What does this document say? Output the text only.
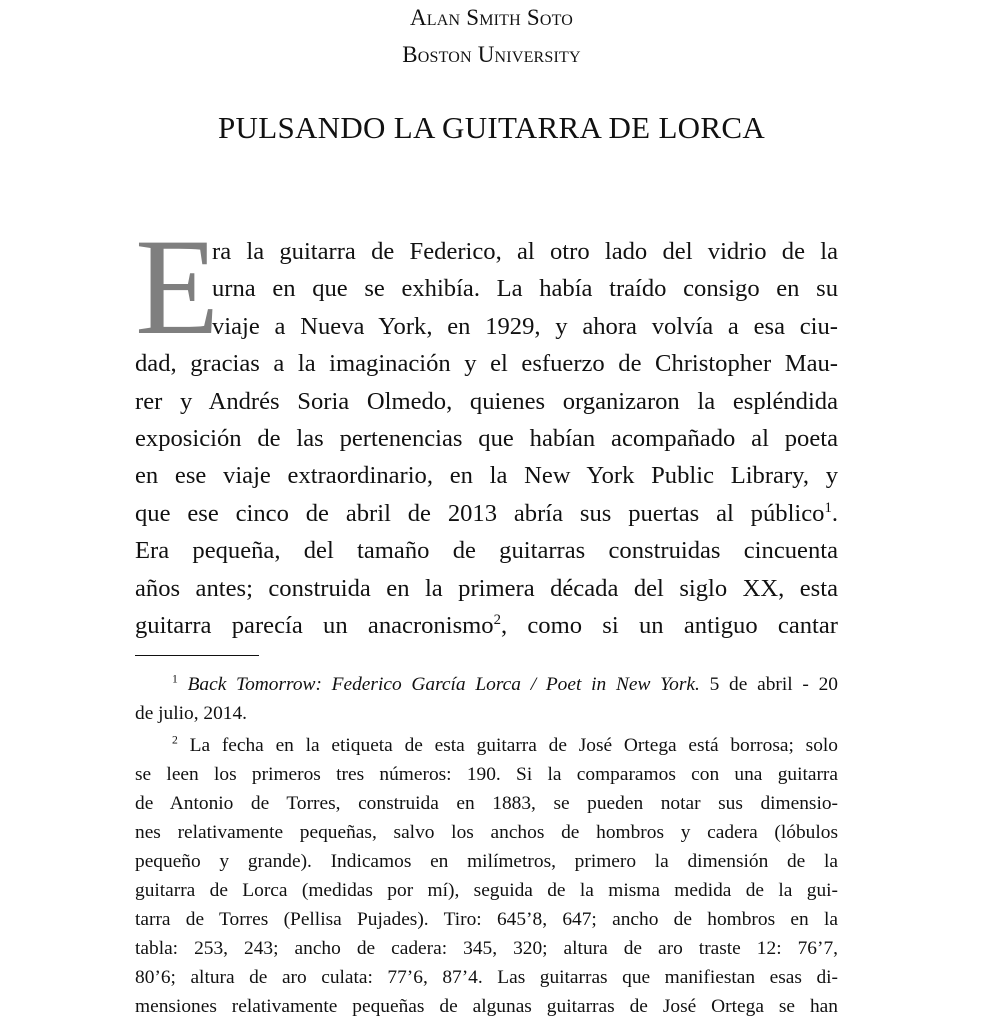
Alan Smith Soto
Boston University
PULSANDO LA GUITARRA DE LORCA
E
ra la guitarra de Federico, al otro lado del vidrio de la
urna en que se exhibía. La había traído consigo en su
viaje a Nueva York, en 1929, y ahora volvía a esa ciu-
dad, gracias a la imaginación y el esfuerzo de Christopher Mau-
rer y Andrés Soria Olmedo, quienes organizaron la espléndida
exposición de las pertenencias que habían acompañado al poeta
en ese viaje extraordinario, en la New York Public Library, y
que ese cinco de abril de 2013 abría sus puertas al público$^1$.
Era pequeña, del tamaño de guitarras construidas cincuenta
años antes; construida en la primera década del siglo XX, esta
guitarra parecía un anacronismo$^2$, como si un antiguo cantar
$^1$ Back Tomorrow: Federico García Lorca / Poet in New York. 5 de abril - 20
de julio, 2014.
$^2$ La fecha en la etiqueta de esta guitarra de José Ortega está borrosa; solo
se leen los primeros tres números: 190. Si la comparamos con una guitarra
de Antonio de Torres, construida en 1883, se pueden notar sus dimensio-
nes relativamente pequeñas, salvo los anchos de hombros y cadera (lóbulos
pequeño y grande). Indicamos en milímetros, primero la dimensión de la
guitarra de Lorca (medidas por mí), seguida de la misma medida de la gui-
tarra de Torres (Pellisa Pujades). Tiro: 645’8, 647; ancho de hombros en la
tabla: 253, 243; ancho de cadera: 345, 320; altura de aro traste 12: 76’7,
80’6; altura de aro culata: 77’6, 87’4. Las guitarras que manifiestan esas di-
mensiones relativamente pequeñas de algunas guitarras de José Ortega se han
